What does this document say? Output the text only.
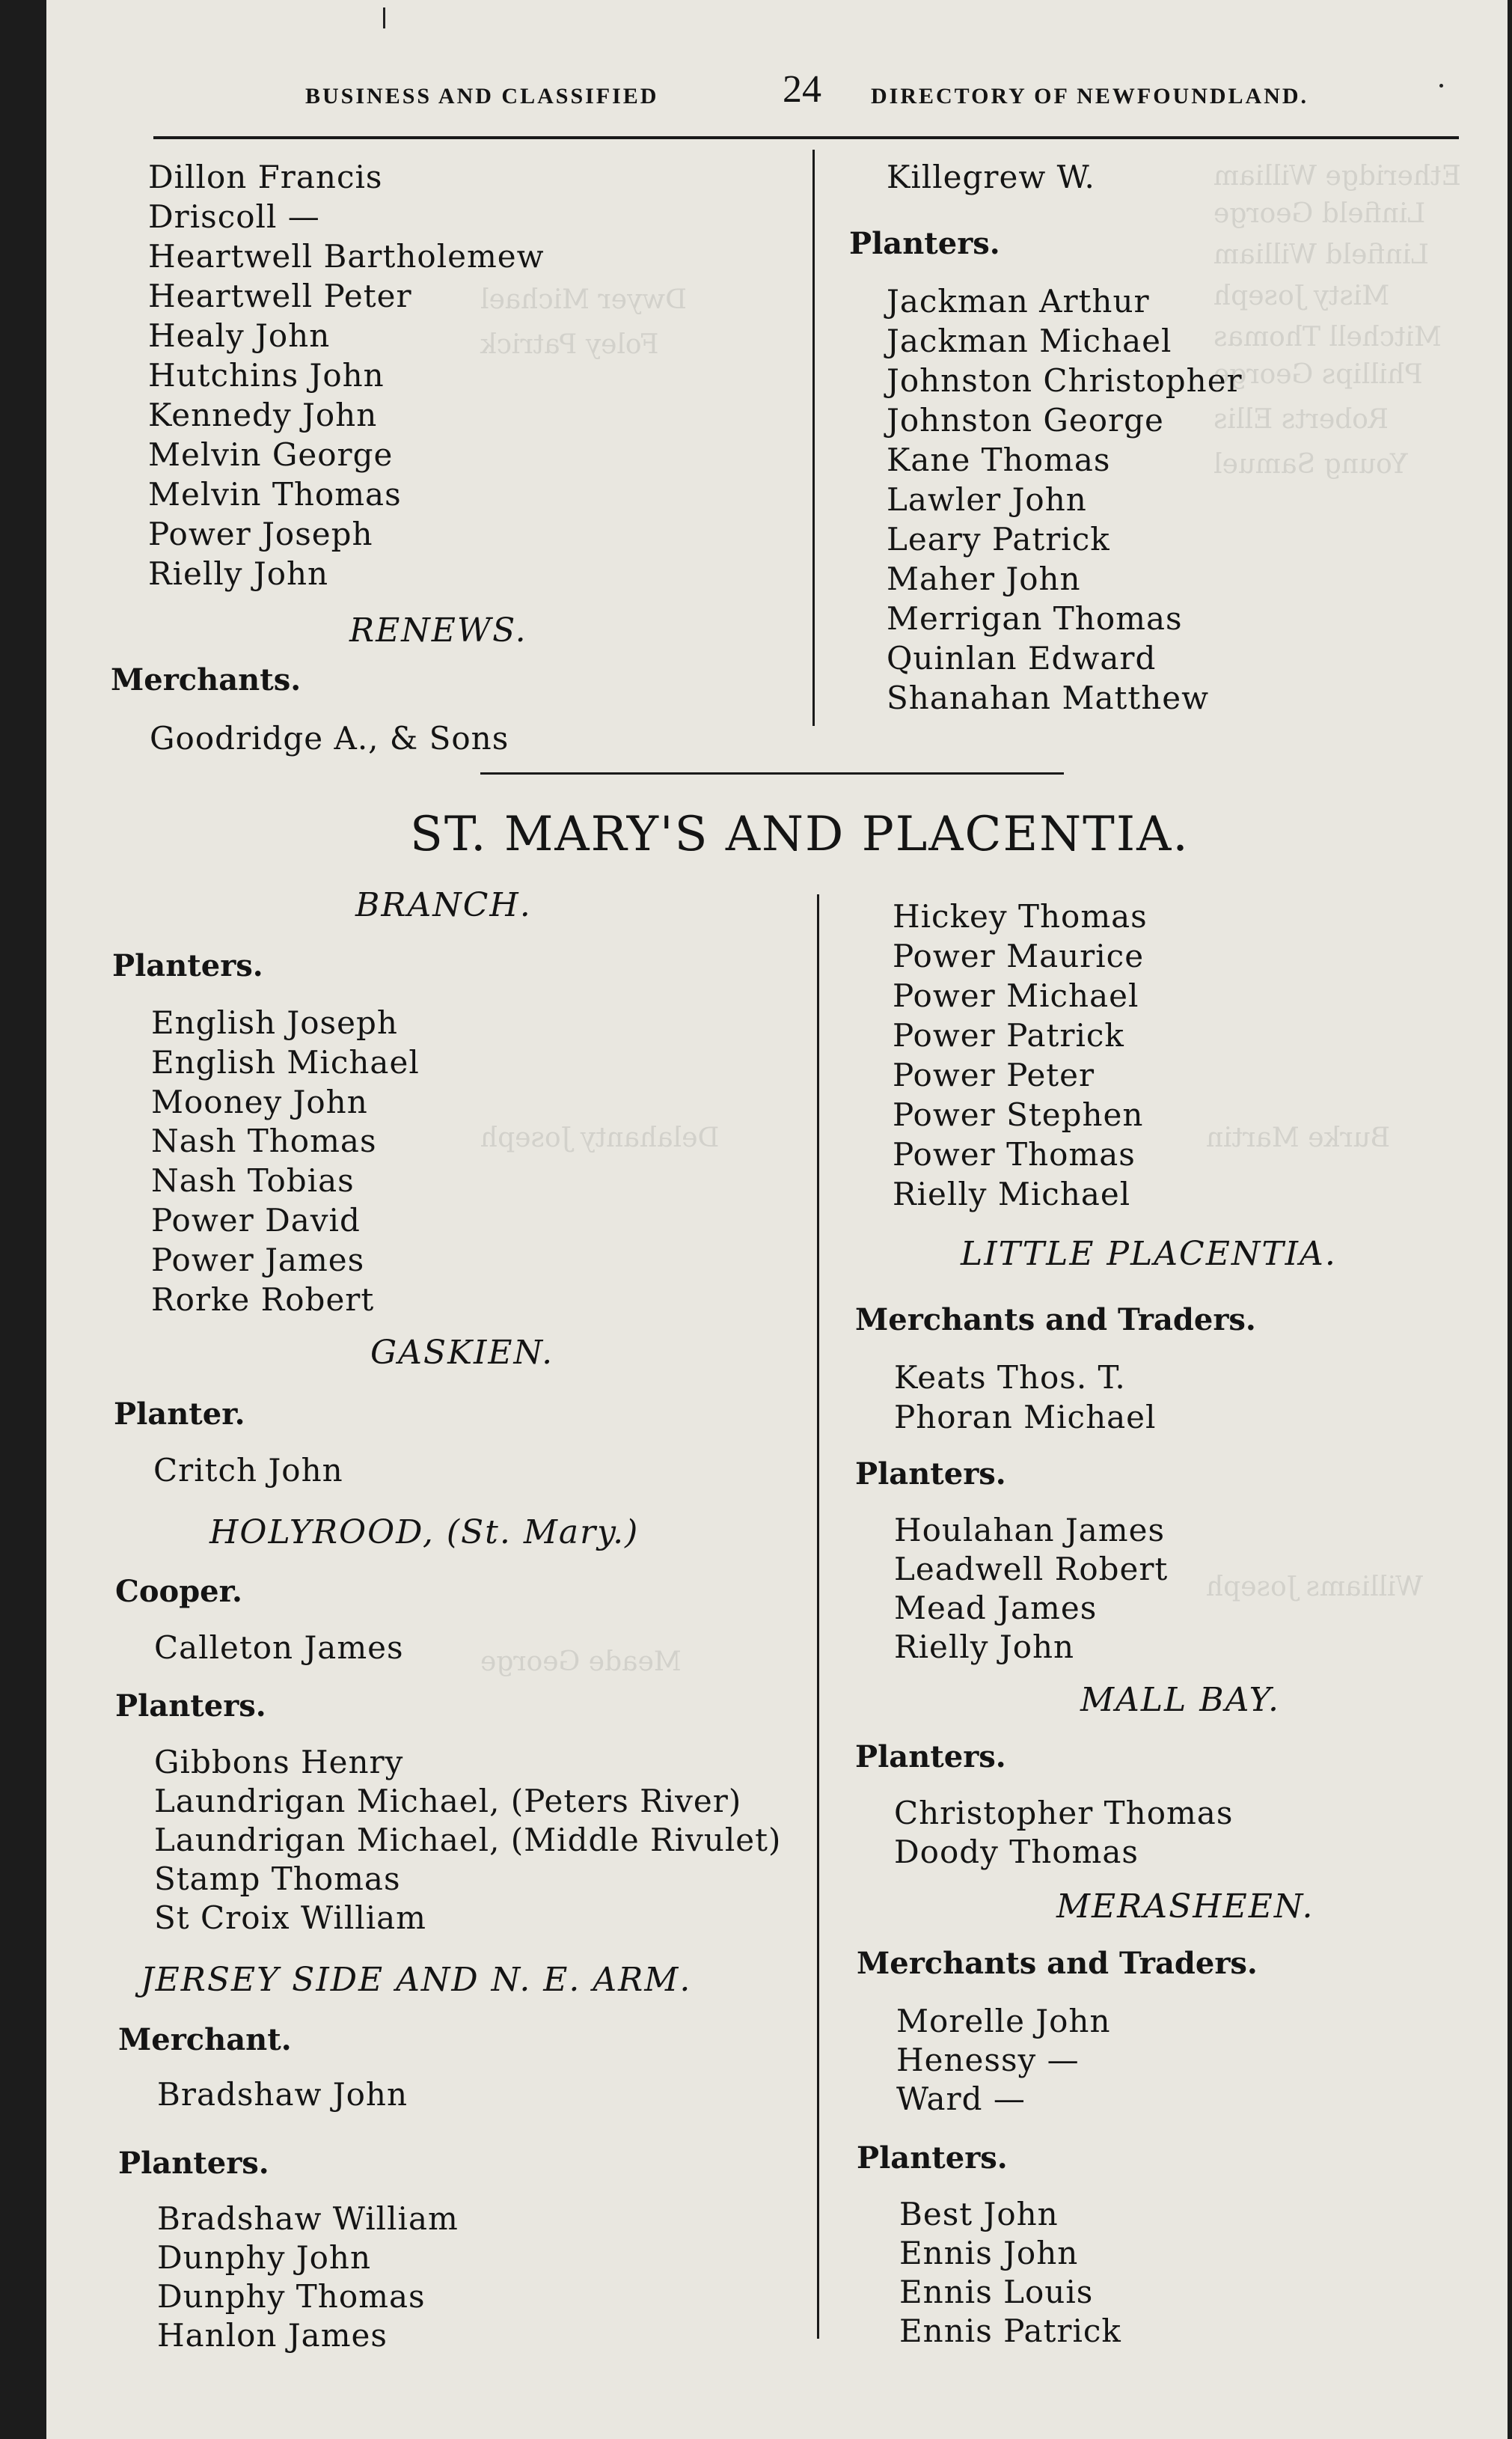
Etheridge William
Linfield George
Linfield William
Misty Joseph
Mitchell Thomas
Phillips George
Roberts Ellis
Young Samuel
Dwyer Michael
Foley Patrick
Delahanty Joseph
Meade George
Burke Martin
Williams Joseph
BUSINESS AND CLASSIFIED	24 DIRECTORY OF NEWFOUNDLAND.
Dillon Francis
Driscoll —
Heartwell Bartholemew
Heartwell Peter
Healy John
Hutchins John
Kennedy John
Melvin George
Melvin Thomas
Power Joseph
Rielly John
RENEWS.
Merchants.
Goodridge A., & Sons
Killegrew W.
Planters.
Jackman Arthur
Jackman Michael
Johnston Christopher
Johnston George
Kane Thomas
Lawler John
Leary Patrick
Maher John
Merrigan Thomas
Quinlan Edward
Shanahan Matthew
ST. MARY'S AND PLACENTIA.
BRANCH.
Planters.
English Joseph
English Michael
Mooney John
Nash Thomas
Nash Tobias
Power David
Power James
Rorke Robert
GASKIEN.
Planter.
Critch John
HOLYROOD, (St. Mary.)
Cooper.
Calleton James
Planters.
Gibbons Henry
Laundrigan Michael, (Peters River)
Laundrigan Michael, (Middle Rivulet)
Stamp Thomas
St Croix William
JERSEY SIDE AND N. E. ARM.
Merchant.
Bradshaw John
Planters.
Bradshaw William
Dunphy John
Dunphy Thomas
Hanlon James
Hickey Thomas
Power Maurice
Power Michael
Power Patrick
Power Peter
Power Stephen
Power Thomas
Rielly Michael
LITTLE PLACENTIA.
Merchants and Traders.
Keats Thos. T.
Phoran Michael
Planters.
Houlahan James
Leadwell Robert
Mead James
Rielly John
MALL BAY.
Planters.
Christopher Thomas
Doody Thomas
MERASHEEN.
Merchants and Traders.
Morelle John
Henessy —
Ward —
Planters.
Best John
Ennis John
Ennis Louis
Ennis Patrick
